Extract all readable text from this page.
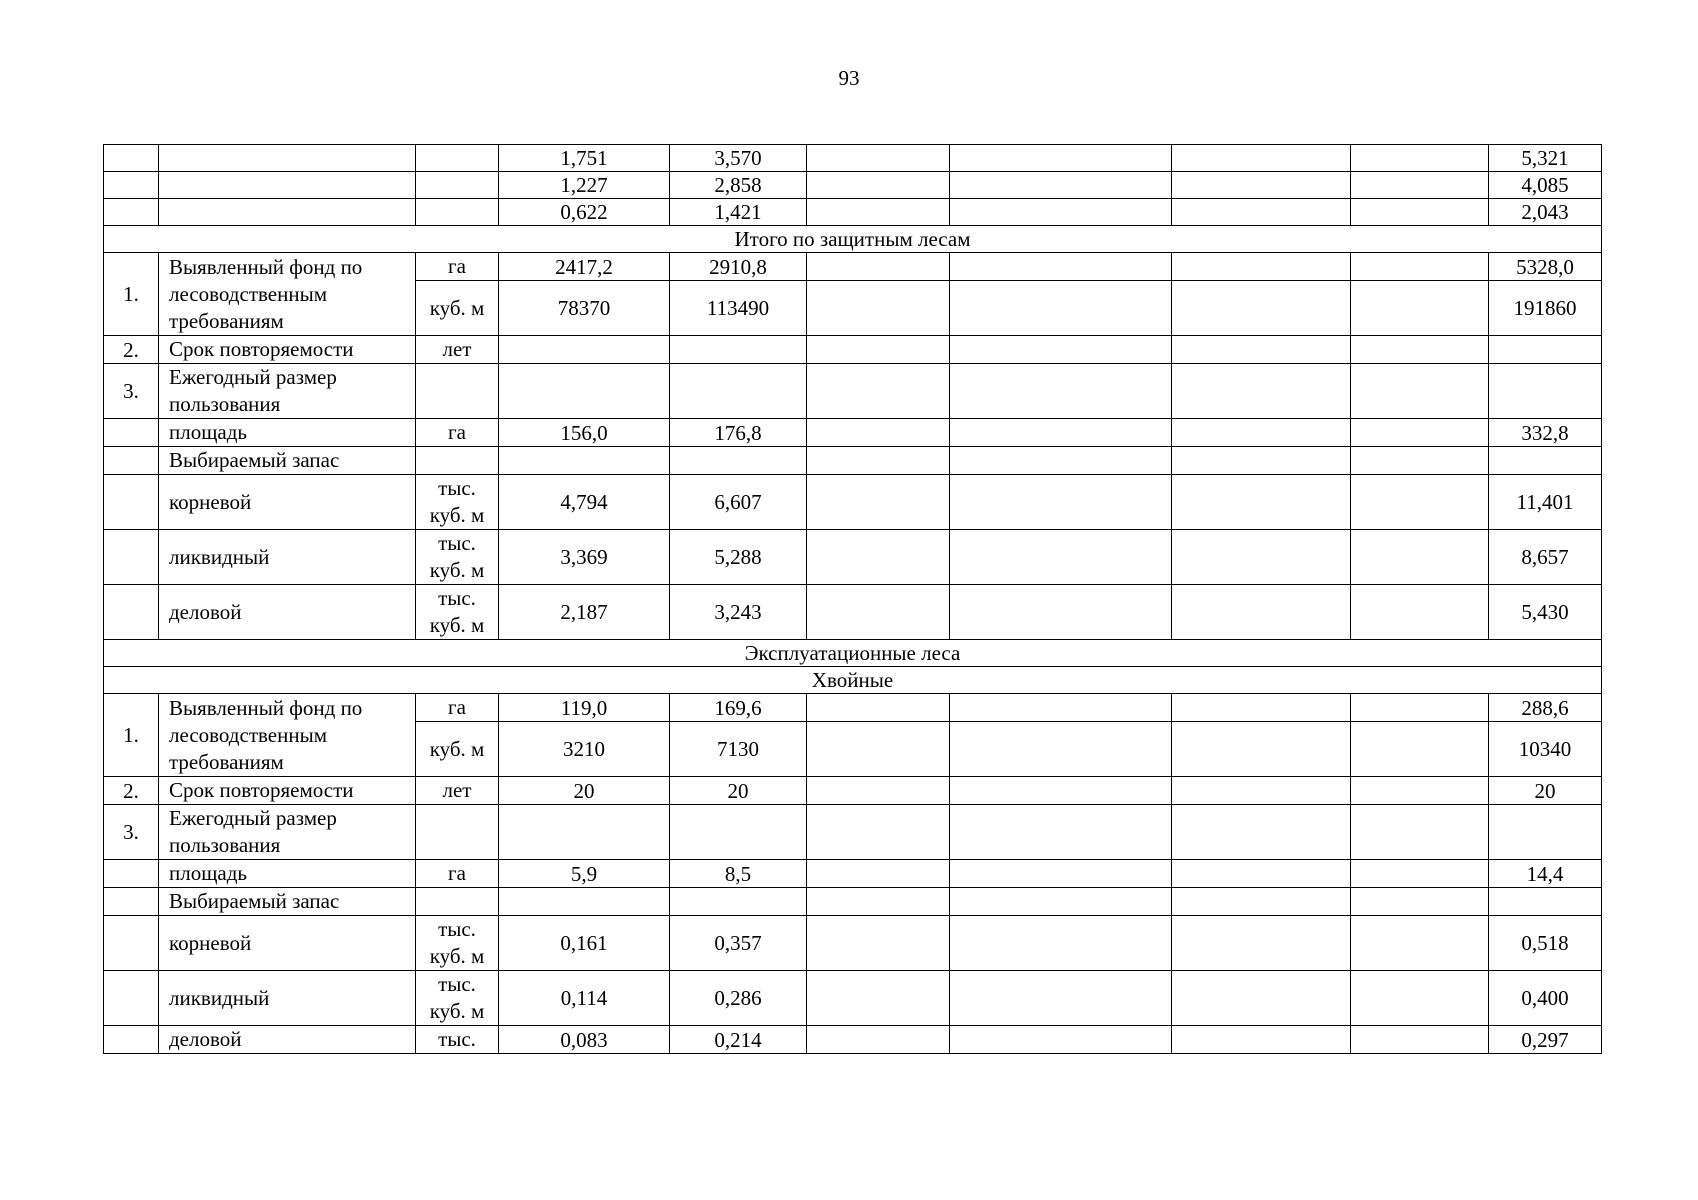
93
			1,751	3,570					5,321
			1,227	2,858					4,085
			0,622	1,421					2,043
Итого по защитным лесам									
1.	Выявленный фонд по лесоводственным требованиям	га	2417,2	2910,8					5328,0
		куб. м	78370	113490					191860
2.	Срок повторяемости	лет							
3.	Ежегодный размер пользования								
	площадь	га	156,0	176,8					332,8
	Выбираемый запас								
	корневой	тыс. куб. м	4,794	6,607					11,401
	ликвидный	тыс. куб. м	3,369	5,288					8,657
	деловой	тыс. куб. м	2,187	3,243					5,430
Эксплуатационные леса									
Хвойные									
1.	Выявленный фонд по лесоводственным требованиям	га	119,0	169,6					288,6
		куб. м	3210	7130					10340
2.	Срок повторяемости	лет	20	20					20
3.	Ежегодный размер пользования								
	площадь	га	5,9	8,5					14,4
	Выбираемый запас								
	корневой	тыс. куб. м	0,161	0,357					0,518
	ликвидный	тыс. куб. м	0,114	0,286					0,400
	деловой	тыс.	0,083	0,214					0,297
